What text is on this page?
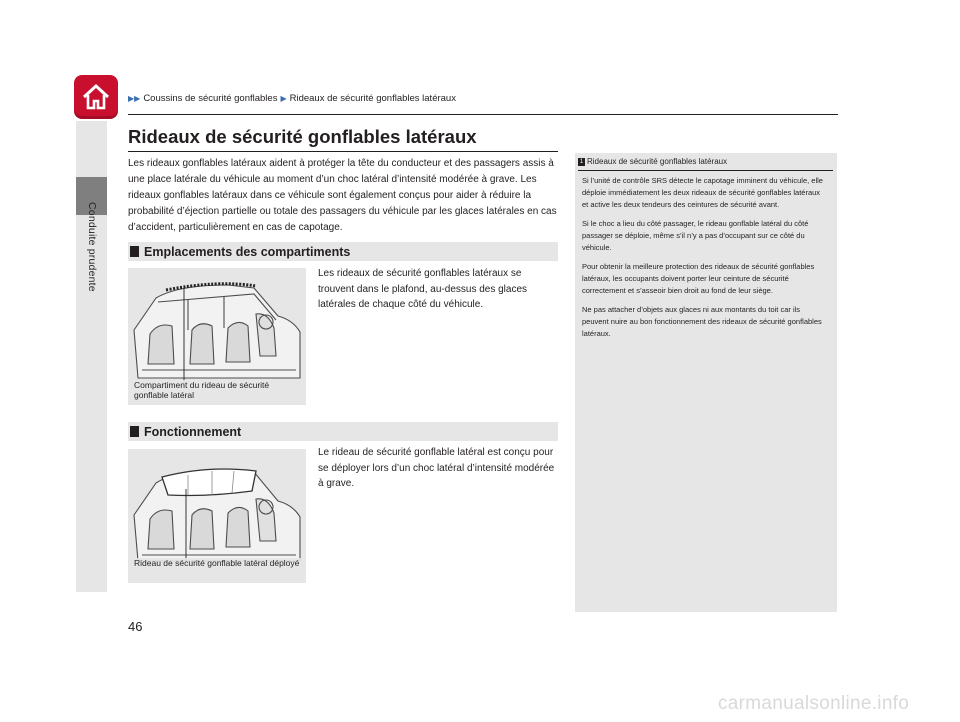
Conduite prudente
▶▶ Coussins de sécurité gonflables ▶ Rideaux de sécurité gonflables latéraux
Rideaux de sécurité gonflables latéraux
Les rideaux gonflables latéraux aident à protéger la tête du conducteur et des passagers assis à une place latérale du véhicule au moment d’un choc latéral d’intensité modérée à grave. Les rideaux gonflables latéraux dans ce véhicule sont également conçus pour aider à réduire la probabilité d’éjection partielle ou totale des passagers du véhicule par les glaces latérales en cas d’accident, particulièrement en cas de capotage.
Emplacements des compartiments
Les rideaux de sécurité gonflables latéraux se trouvent dans le plafond, au-dessus des glaces latérales de chaque côté du véhicule.
Compartiment du rideau de sécurité gonflable latéral
Fonctionnement
Le rideau de sécurité gonflable latéral est conçu pour se déployer lors d’un choc latéral d’intensité modérée à grave.
Rideau de sécurité gonflable latéral déployé
1 Rideaux de sécurité gonflables latéraux

Si l’unité de contrôle SRS détecte le capotage imminent du véhicule, elle déploie immédiatement les deux rideaux de sécurité gonflables latéraux et active les deux tendeurs des ceintures de sécurité avant.

Si le choc a lieu du côté passager, le rideau gonflable latéral du côté passager se déploie, même s’il n’y a pas d’occupant sur ce côté du véhicule.

Pour obtenir la meilleure protection des rideaux de sécurité gonflables latéraux, les occupants doivent porter leur ceinture de sécurité correctement et s’asseoir bien droit au fond de leur siège.

Ne pas attacher d’objets aux glaces ni aux montants du toit car ils peuvent nuire au bon fonctionnement des rideaux de sécurité gonflables latéraux.

46
carmanualsonline.info
